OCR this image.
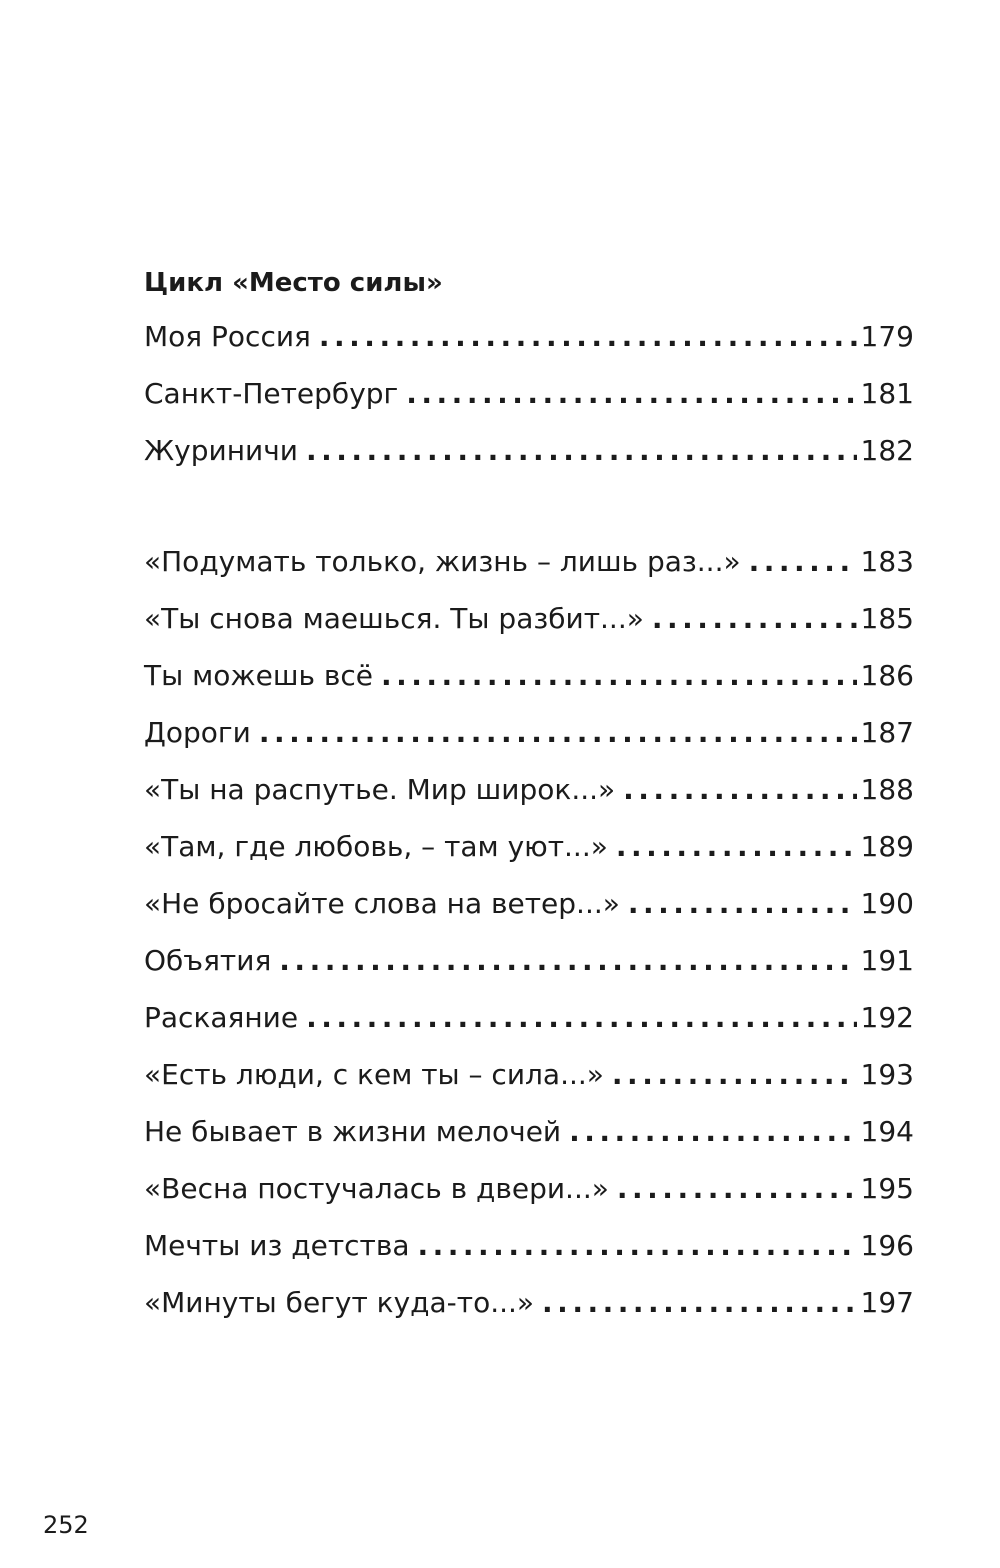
Цикл «Место силы»
Моя Россия .....	179
Санкт-Петербург .....	181
Журиничи .....	182
«Подумать только, жизнь – лишь раз...» .....	183
«Ты снова маешься. Ты разбит...» .....	185
Ты можешь всё .....	186
Дороги .....	187
«Ты на распутье. Мир широк...» .....	188
«Там, где любовь, – там уют...» .....	189
«Не бросайте слова на ветер...» .....	190
Объятия .....	191
Раскаяние .....	192
«Есть люди, с кем ты – сила...» .....	193
Не бывает в жизни мелочей .....	194
«Весна постучалась в двери...» .....	195
Мечты из детства .....	196
«Минуты бегут куда-то...» .....	197
252
